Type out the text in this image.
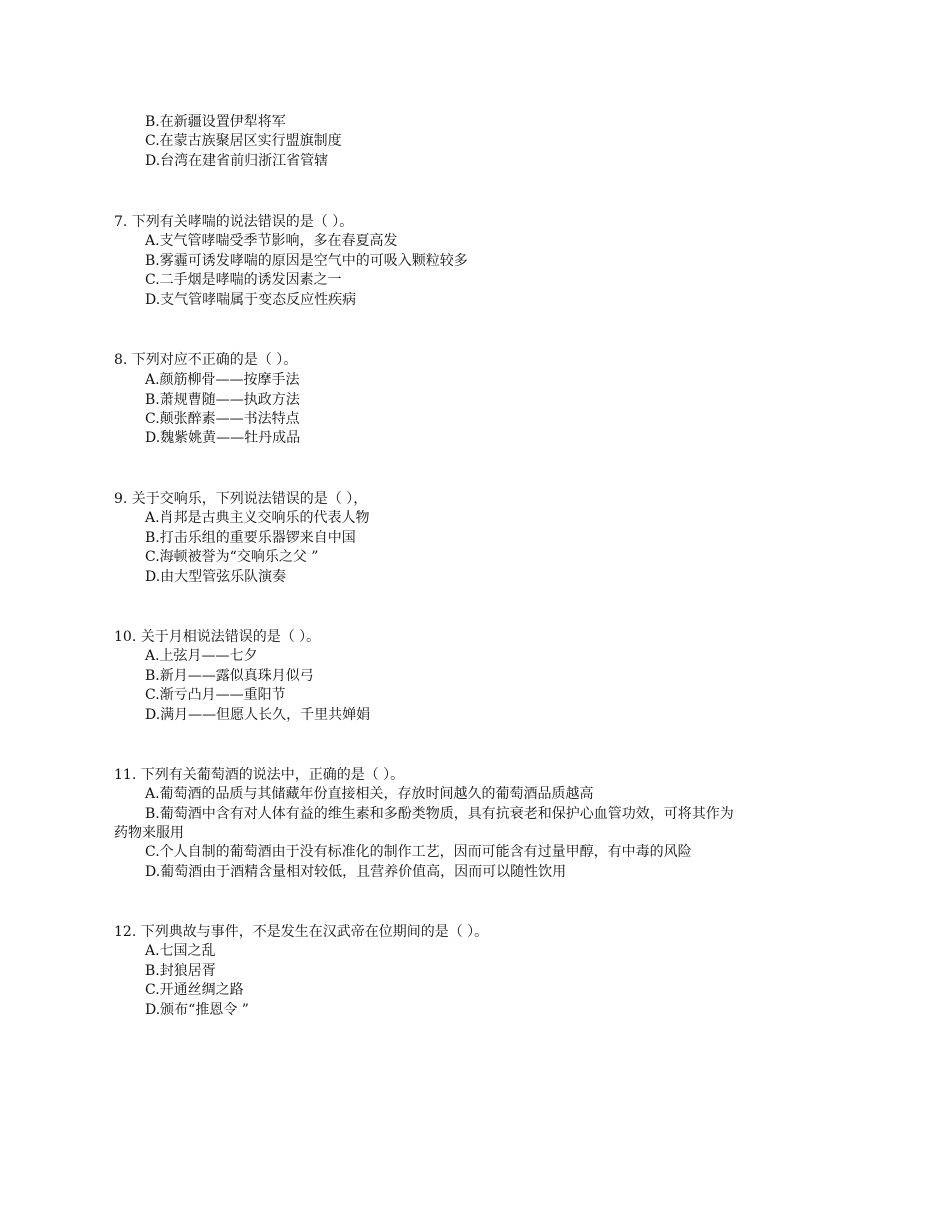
B.在新疆设置伊犁将军
C.在蒙古族聚居区实行盟旗制度
D.台湾在建省前归浙江省管辖
7. 下列有关哮喘的说法错误的是（ ）。
A.支气管哮喘受季节影响，多在春夏高发
B.雾霾可诱发哮喘的原因是空气中的可吸入颗粒较多
C.二手烟是哮喘的诱发因素之一
D.支气管哮喘属于变态反应性疾病
8. 下列对应不正确的是（ ）。
A.颜筋柳骨——按摩手法
B.萧规曹随——执政方法
C.颠张醉素——书法特点
D.魏紫姚黄——牡丹成品
9. 关于交响乐，下列说法错误的是（ ），
A.肖邦是古典主义交响乐的代表人物
B.打击乐组的重要乐器锣来自中国
C.海顿被誉为“交响乐之父 ”
D.由大型管弦乐队演奏
10. 关于月相说法错误的是（ ）。
A.上弦月——七夕
B.新月——露似真珠月似弓
C.渐亏凸月——重阳节
D.满月——但愿人长久，千里共婵娟
11. 下列有关葡萄酒的说法中，正确的是（ ）。
A.葡萄酒的品质与其储藏年份直接相关，存放时间越久的葡萄酒品质越高
B.葡萄酒中含有对人体有益的维生素和多酚类物质，具有抗衰老和保护心血管功效，可将其作为
药物来服用
C.个人自制的葡萄酒由于没有标准化的制作工艺，因而可能含有过量甲醇，有中毒的风险
D.葡萄酒由于酒精含量相对较低，且营养价值高，因而可以随性饮用
12. 下列典故与事件，不是发生在汉武帝在位期间的是（ ）。
A.七国之乱
B.封狼居胥
C.开通丝绸之路
D.颁布“推恩令 ”
